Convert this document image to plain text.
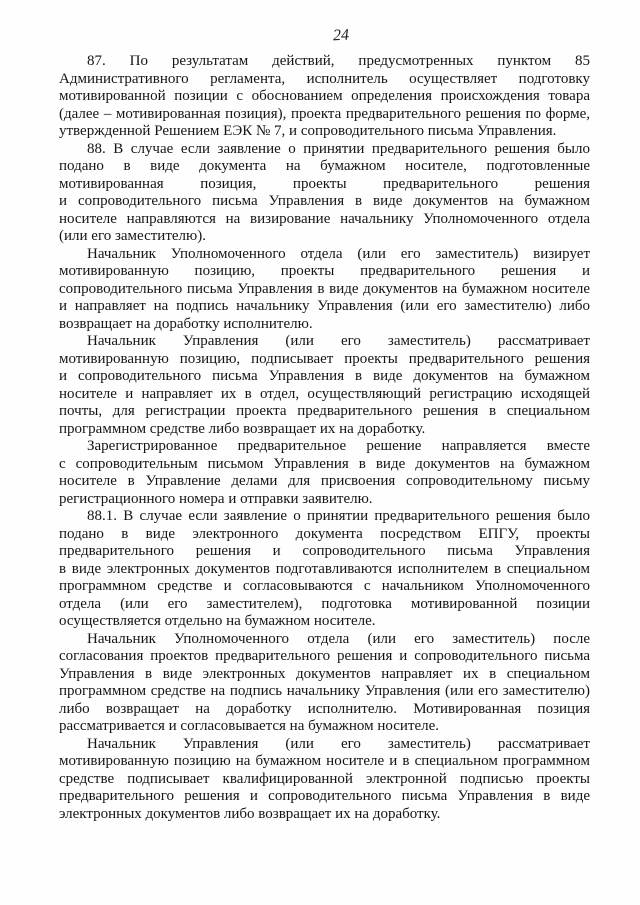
24
87. По результатам действий, предусмотренных пунктом 85
Административного регламента, исполнитель осуществляет подготовку
мотивированной позиции с обоснованием определения происхождения товара
(далее – мотивированная позиция), проекта предварительного решения по форме,
утвержденной Решением ЕЭК № 7, и сопроводительного письма Управления.
88. В случае если заявление о принятии предварительного решения было
подано в виде документа на бумажном носителе, подготовленные
мотивированная позиция, проекты предварительного решения
и сопроводительного письма Управления в виде документов на бумажном
носителе направляются на визирование начальнику Уполномоченного отдела
(или его заместителю).
Начальник Уполномоченного отдела (или его заместитель) визирует
мотивированную позицию, проекты предварительного решения и
сопроводительного письма Управления в виде документов на бумажном носителе
и направляет на подпись начальнику Управления (или его заместителю) либо
возвращает на доработку исполнителю.
Начальник Управления (или его заместитель) рассматривает
мотивированную позицию, подписывает проекты предварительного решения
и сопроводительного письма Управления в виде документов на бумажном
носителе и направляет их в отдел, осуществляющий регистрацию исходящей
почты, для регистрации проекта предварительного решения в специальном
программном средстве либо возвращает их на доработку.
Зарегистрированное предварительное решение направляется вместе
с сопроводительным письмом Управления в виде документов на бумажном
носителе в Управление делами для присвоения сопроводительному письму
регистрационного номера и отправки заявителю.
88.1. В случае если заявление о принятии предварительного решения было
подано в виде электронного документа посредством ЕПГУ, проекты
предварительного решения и сопроводительного письма Управления
в виде электронных документов подготавливаются исполнителем в специальном
программном средстве и согласовываются с начальником Уполномоченного
отдела (или его заместителем), подготовка мотивированной позиции
осуществляется отдельно на бумажном носителе.
Начальник Уполномоченного отдела (или его заместитель) после
согласования проектов предварительного решения и сопроводительного письма
Управления в виде электронных документов направляет их в специальном
программном средстве на подпись начальнику Управления (или его заместителю)
либо возвращает на доработку исполнителю. Мотивированная позиция
рассматривается и согласовывается на бумажном носителе.
Начальник Управления (или его заместитель) рассматривает
мотивированную позицию на бумажном носителе и в специальном программном
средстве подписывает квалифицированной электронной подписью проекты
предварительного решения и сопроводительного письма Управления в виде
электронных документов либо возвращает их на доработку.
